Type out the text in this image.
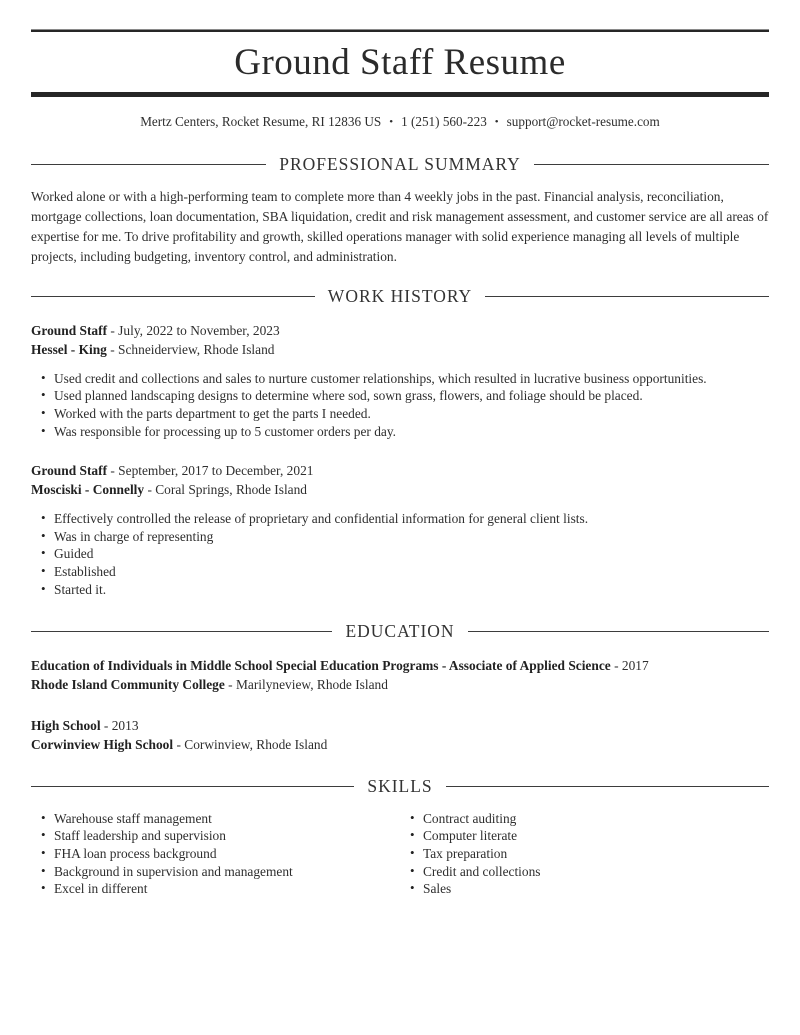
Ground Staff Resume
Mertz Centers, Rocket Resume, RI 12836 US • 1 (251) 560-223 • support@rocket-resume.com
PROFESSIONAL SUMMARY

Worked alone or with a high-performing team to complete more than 4 weekly jobs in the past. Financial analysis, reconciliation, mortgage collections, loan documentation, SBA liquidation, credit and risk management assessment, and customer service are all areas of expertise for me. To drive profitability and growth, skilled operations manager with solid experience managing all levels of multiple projects, including budgeting, inventory control, and administration.

WORK HISTORY

Ground Staff - July, 2022 to November, 2023

Hessel - King - Schneiderview, Rhode Island

• Used credit and collections and sales to nurture customer relationships, which resulted in lucrative business opportunities.
• Used planned landscaping designs to determine where sod, sown grass, flowers, and foliage should be placed.
• Worked with the parts department to get the parts I needed.
• Was responsible for processing up to 5 customer orders per day.

Ground Staff - September, 2017 to December, 2021

Mosciski - Connelly - Coral Springs, Rhode Island

• Effectively controlled the release of proprietary and confidential information for general client lists.
• Was in charge of representing
• Guided
• Established
• Started it.
EDUCATION

Education of Individuals in Middle School Special Education Programs - Associate of Applied Science - 2017

Rhode Island Community College - Marilyneview, Rhode Island

High School - 2013

Corwinview High School - Corwinview, Rhode Island

SKILLS
• Warehouse staff management
• Staff leadership and supervision
• FHA loan process background
• Background in supervision and management
• Excel in different
• Contract auditing
• Computer literate
• Tax preparation
• Credit and collections
• Sales
